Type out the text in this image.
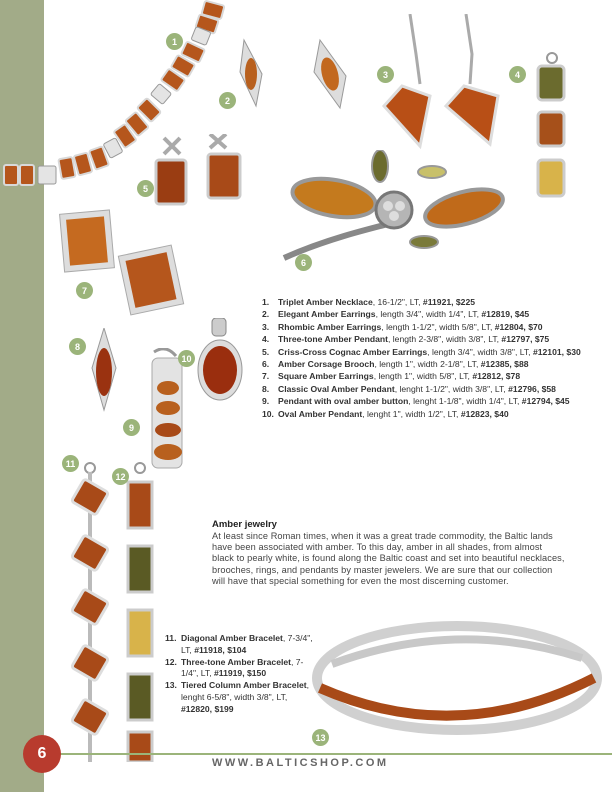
1
2
3	4
5
6
7
8
9
10
11
12
13
1.	Triplet Amber Necklace, 16-1/2", LT, #11921, $225
2.	Elegant Amber Earrings, length 3/4", width 1/4", LT, #12819, $45
3.	Rhombic Amber Earrings, length 1-1/2", width 5/8", LT, #12804, $70
4.	Three-tone Amber Pendant, length 2-3/8", width 3/8", LT, #12797, $75
5.	Criss-Cross Cognac Amber Earrings, length 3/4", width 3/8", LT, #12101, $30
6.	Amber Corsage Brooch, length 1", width 2-1/8", LT, #12385, $88
7.	Square Amber Earrings, length 1", width 5/8", LT, #12812, $78
8.	Classic Oval Amber Pendant, lenght 1-1/2", width 3/8", LT, #12796, $58
9.	Pendant with oval amber button, lenght 1-1/8", width 1/4", LT, #12794, $45
10. Oval Amber Pendant, lenght 1", width 1/2", LT, #12823, $40
Amber jewelry

At least since Roman times, when it was a great trade commodity, the Baltic lands have been associated with amber. To this day, amber in all shades, from almost black to pearly white, is found along the Baltic coast and set into beautiful necklaces, brooches, rings, and pendants by master jewelers. We are sure that our collection will have that special something for even the most discerning customer.

11. Diagonal Amber Bracelet, 7-3/4", LT, #11918, $104
12. Three-tone Amber Bracelet, 7-1/4", LT, #11919, $150
13. Tiered Column Amber Bracelet, lenght 6-5/8", width 3/8", LT, #12820, $199
WWW.BALTICSHOP.COM
6
